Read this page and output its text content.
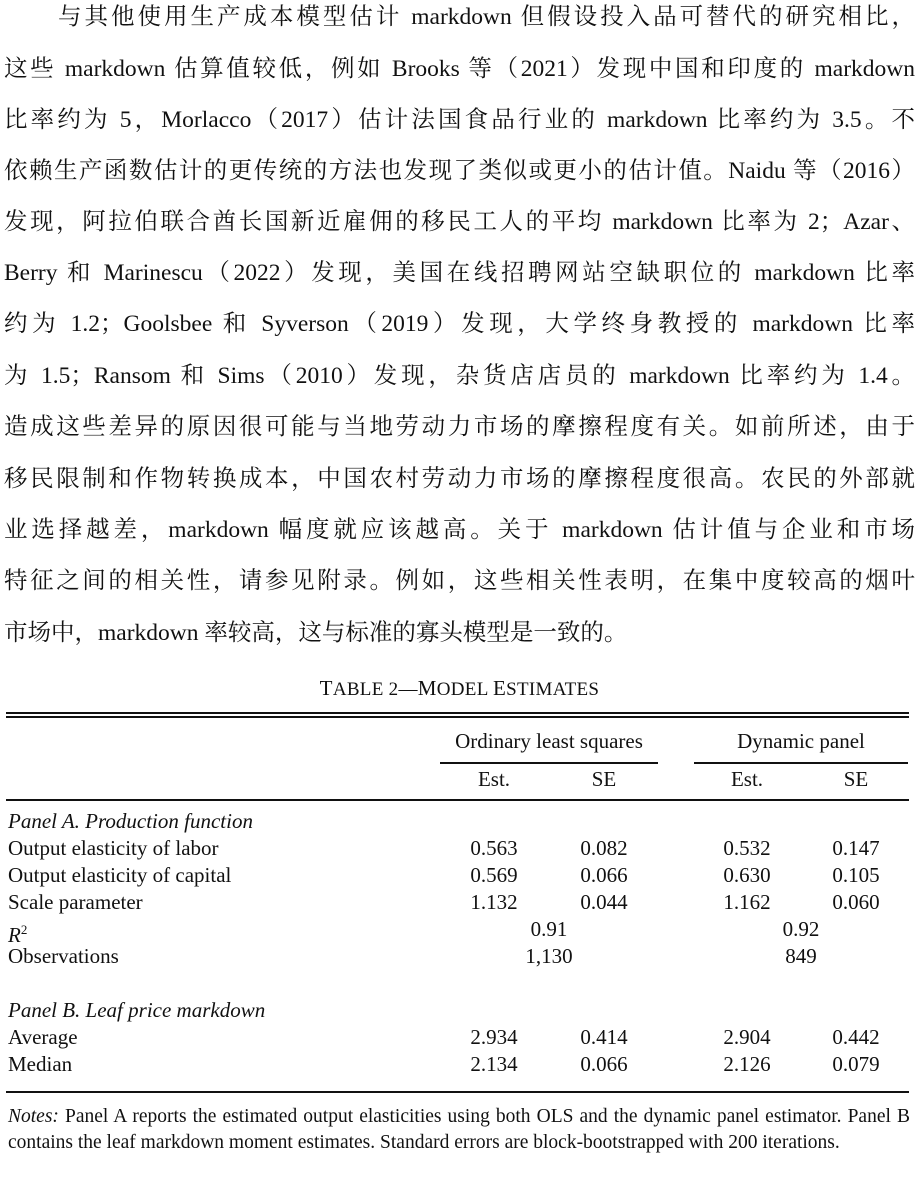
与其他使用生产成本模型估计 markdown 但假设投入品可替代的研究相比，
这些 markdown 估算值较低，例如 Brooks 等（2021）发现中国和印度的 markdown
比率约为 5，Morlacco（2017）估计法国食品行业的 markdown 比率约为 3.5。不
依赖生产函数估计的更传统的方法也发现了类似或更小的估计值。Naidu 等（2016）
发现，阿拉伯联合酋长国新近雇佣的移民工人的平均 markdown 比率为 2；Azar、
Berry 和 Marinescu（2022）发现，美国在线招聘网站空缺职位的 markdown 比率
约为 1.2；Goolsbee 和 Syverson（2019）发现，大学终身教授的 markdown 比率
为 1.5；Ransom 和 Sims（2010）发现，杂货店店员的 markdown 比率约为 1.4。
造成这些差异的原因很可能与当地劳动力市场的摩擦程度有关。如前所述，由于
移民限制和作物转换成本，中国农村劳动力市场的摩擦程度很高。农民的外部就
业选择越差，markdown 幅度就应该越高。关于 markdown 估计值与企业和市场
特征之间的相关性，请参见附录。例如，这些相关性表明，在集中度较高的烟叶
市场中，markdown 率较高，这与标准的寡头模型是一致的。
TABLE 2—MODEL ESTIMATES
Ordinary least squares	Dynamic panel
Est.	SE	Est.	SE
Panel A. Production function
Output elasticity of labor	0.563	0.082	0.532	0.147
Output elasticity of capital	0.569	0.066	0.630	0.105
Scale parameter	1.132	0.044	1.162	0.060
$R^2$	0.91	0.92
Observations	1,130	849
Panel B. Leaf price markdown
Average	2.934	0.414	2.904	0.442
Median	2.134	0.066	2.126	0.079
Notes: Panel A reports the estimated output elasticities using both OLS and the dynamic panel estimator. Panel B contains the leaf markdown moment estimates. Standard errors are block-bootstrapped with 200 iterations.
